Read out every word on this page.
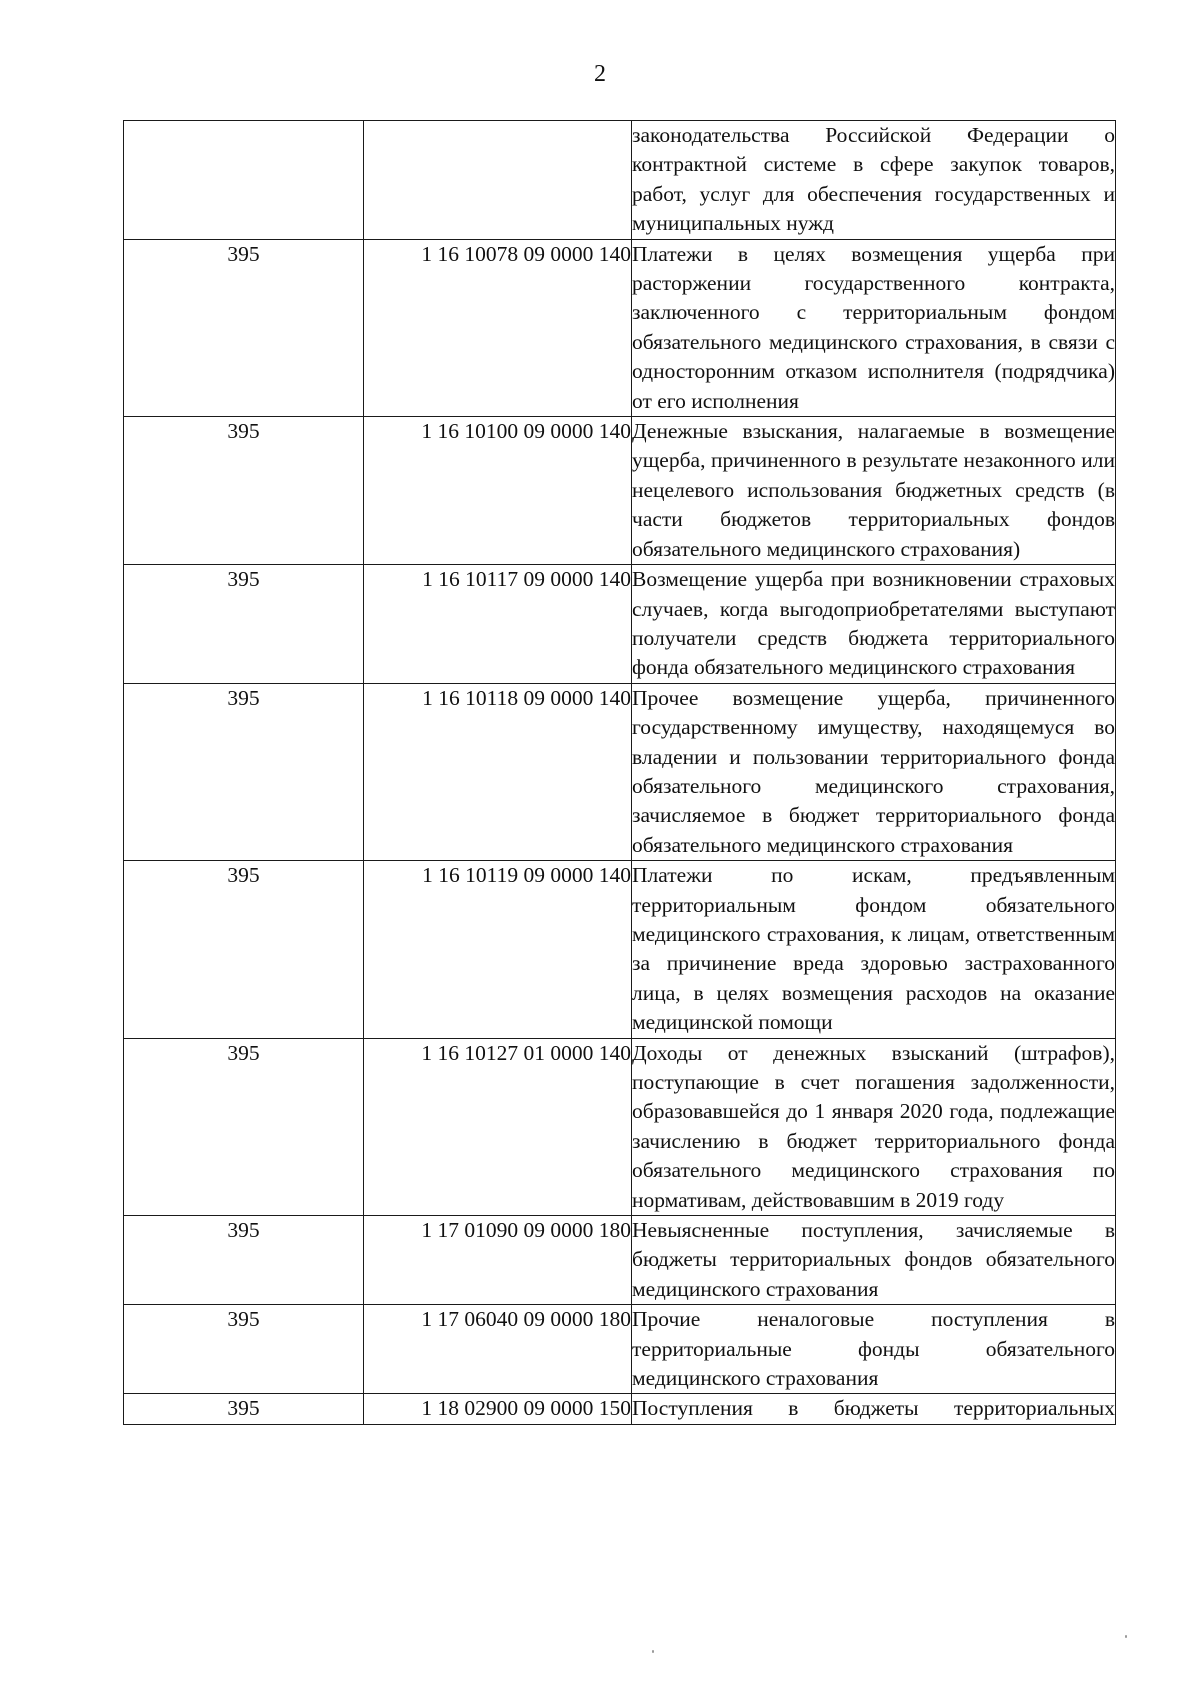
2
		законодательства Российской Федерации о контрактной системе в сфере закупок товаров, работ, услуг для обеспечения государственных и муниципальных нужд
395	1 16 10078 09 0000 140	Платежи в целях возмещения ущерба при расторжении государственного контракта, заключенного с территориальным фондом обязательного медицинского страхования, в связи с односторонним отказом исполнителя (подрядчика) от его исполнения
395	1 16 10100 09 0000 140	Денежные взыскания, налагаемые в возмещение ущерба, причиненного в результате незаконного или нецелевого использования бюджетных средств (в части бюджетов территориальных фондов обязательного медицинского страхования)
395	1 16 10117 09 0000 140	Возмещение ущерба при возникновении страховых случаев, когда выгодоприобретателями выступают получатели средств бюджета территориального фонда обязательного медицинского страхования
395	1 16 10118 09 0000 140	Прочее возмещение ущерба, причиненного государственному имуществу, находящемуся во владении и пользовании территориального фонда обязательного медицинского страхования, зачисляемое в бюджет территориального фонда обязательного медицинского страхования
395	1 16 10119 09 0000 140	Платежи по искам, предъявленным территориальным фондом обязательного медицинского страхования, к лицам, ответственным за причинение вреда здоровью застрахованного лица, в целях возмещения расходов на оказание медицинской помощи
395	1 16 10127 01 0000 140	Доходы от денежных взысканий (штрафов), поступающие в счет погашения задолженности, образовавшейся до 1 января 2020 года, подлежащие зачислению в бюджет территориального фонда обязательного медицинского страхования по нормативам, действовавшим в 2019 году
395	1 17 01090 09 0000 180	Невыясненные поступления, зачисляемые в бюджеты территориальных фондов обязательного медицинского страхования
395	1 17 06040 09 0000 180	Прочие неналоговые поступления в территориальные фонды обязательного медицинского страхования
395	1 18 02900 09 0000 150	Поступления в бюджеты территориальных
